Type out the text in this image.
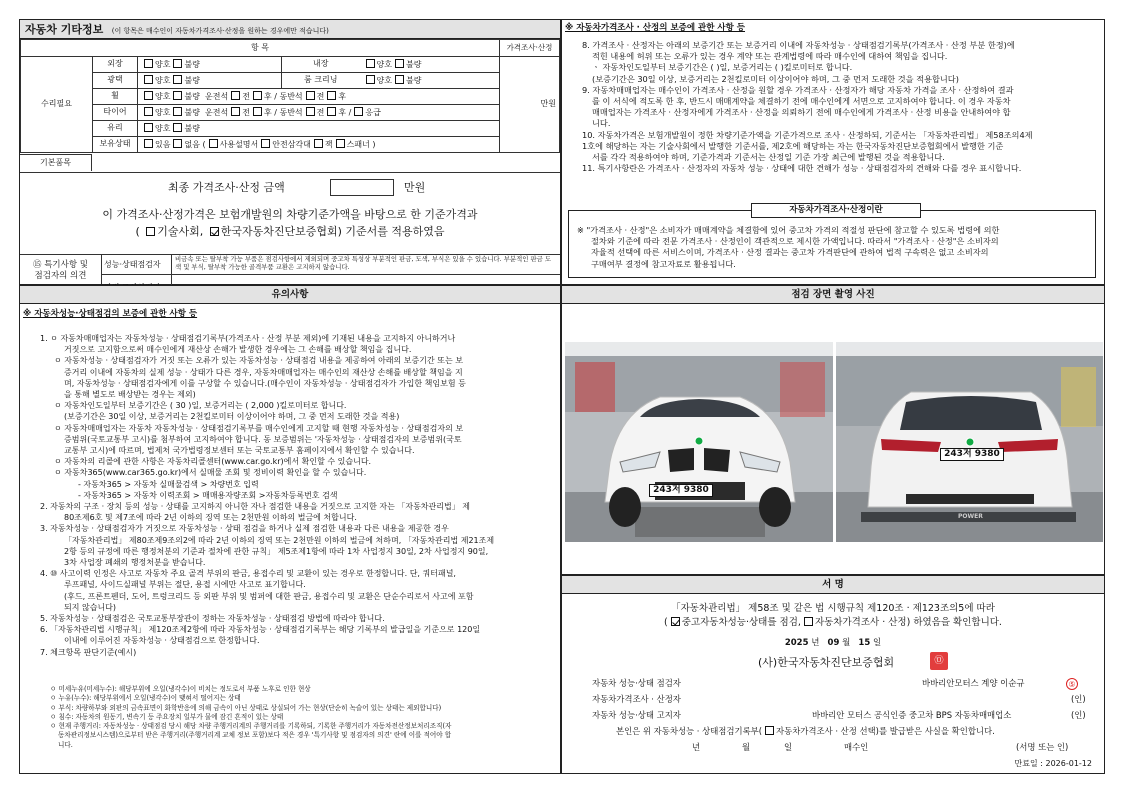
자동차 기타정보 (이 항목은 매수인이 자동차가격조사·산정을 원하는 경우에만 적습니다)
항 목					가격조사·산정
수리필요	외장	양호 불량	내장	양호 불량	만원
	광택	양호 불량	룸 크리닝	양호 불량	
	휠	양호 불량 운전석 전 후 / 동반석 전 후			
	타이어	양호 불량 운전석 전 후 / 동반석 전 후 / 응급			
	유리	양호 불량			
	보유상태	있음 없음 ( 사용설명서 안전삼각대 잭 스패너 )			
기본품목
최종 가격조사·산정 금액	만원
이 가격조사·산정가격은 보험개발원의 차량기준가액을 바탕으로 한 기준가격과
( 기술사회, 한국자동차진단보증협회) 기준서를 적용하였음
⑮ 특기사항 및
점검자의 의견
성능·상태점검자
비금속 또는 탈부착 가능 부품은 점검사항에서 제외되며 중고차 특성상 부분적인 판금, 도색, 부식은 있을 수 있습니다. 부분적인 판금 도색 및 부식, 탈부착 가능한 골격부품 교환은 고지하지 않습니다.
※ 자동차가격조사 · 산정의 보증에 관한 사항 등
8. 가격조사 · 산정자는 아래의 보증기간 또는 보증거리 이내에 자동차성능 · 상태점검기록부(가격조사 · 산정 부분 한정)에
적힌 내용에 허위 또는 오류가 있는 경우 계약 또는 관계법령에 따라 매수인에 대하여 책임을 집니다.
ㆍ 자동차인도일부터 보증기간은 ( )일, 보증거리는 ( )킬로미터로 합니다.
(보증기간은 30일 이상, 보증거리는 2천킬로미터 이상이어야 하며, 그 중 먼저 도래한 것을 적용합니다)
9. 자동차매매업자는 매수인이 가격조사 · 산정을 원할 경우 가격조사 · 산정자가 해당 자동차 가격을 조사 · 산정하여 결과
를 이 서식에 적도록 한 후, 반드시 매매계약을 체결하기 전에 매수인에게 서면으로 고지하여야 합니다. 이 경우 자동차
매매업자는 가격조사 · 산정자에게 가격조사 · 산정을 의뢰하기 전에 매수인에게 가격조사 · 산정 비용을 안내하여야 합
니다.
10. 자동차가격은 보험개발원이 정한 차량기준가액을 기준가격으로 조사 · 산정하되, 기준서는 「자동차관리법」 제58조의4제
1호에 해당하는 자는 기술사회에서 발행한 기준서를, 제2호에 해당하는 자는 한국자동차진단보증협회에서 발행한 기준
서를 각각 적용하여야 하며, 기준가격과 기준서는 산정일 기준 가장 최근에 발행된 것을 적용합니다.
11. 특기사항란은 가격조사 · 산정자의 자동차 성능 · 상태에 대한 견해가 성능 · 상태점검자의 견해와 다를 경우 표시합니다.
자동차가격조사·산정이란
※ "가격조사 · 산정"은 소비자가 매매계약을 체결함에 있어 중고차 가격의 적절성 판단에 참고할 수 있도록 법령에 의한
절차와 기준에 따라 전문 가격조사 · 산정인이 객관적으로 제시한 가액입니다. 따라서 "가격조사 · 산정"은 소비자의
자율적 선택에 따른 서비스이며, 가격조사 · 산정 결과는 중고차 가격판단에 관하여 법적 구속력은 없고 소비자의
구매여부 결정에 참고자료로 활용됩니다.
유의사항
※ 자동차성능·상태점검의 보증에 관한 사항 등
1. ㅇ 자동차매매업자는 자동차성능 · 상태점검기록부(가격조사 · 산정 부분 제외)에 기재된 내용을 고지하지 아니하거나
거짓으로 고지함으로써 매수인에게 재산상 손해가 발생한 경우에는 그 손해를 배상할 책임을 집니다.
ㅇ 자동차성능 · 상태점검자가 거짓 또는 오류가 있는 자동차성능 · 상태점검 내용을 제공하여 아래의 보증기간 또는 보
증거리 이내에 자동차의 실제 성능 · 상태가 다른 경우, 자동차매매업자는 매수인의 재산상 손해를 배상할 책임을 지
며, 자동차성능 · 상태점검자에게 이를 구상할 수 있습니다.(매수인이 자동차성능 · 상태점검자가 가입한 책임보험 등
을 통해 별도로 배상받는 경우는 제외)
ㅇ 자동차인도일부터 보증기간은 ( 30 )일, 보증거리는 ( 2,000 )킬로미터로 합니다.
(보증기간은 30일 이상, 보증거리는 2천킬로미터 이상이어야 하며, 그 중 먼저 도래한 것을 적용)
ㅇ 자동차매매업자는 자동차 자동차성능 · 상태점검기록부를 매수인에게 고지할 때 현행 자동차성능 · 상태점검자의 보
증범위(국토교통부 고시)를 첨부하여 고지하여야 합니다. 동 보증범위는 '자동차성능 · 상태점검자의 보증범위(국토
교통부 고시)에 따르며, 법제처 국가법령정보센터 또는 국토교통부 홈페이지에서 확인할 수 있습니다.
ㅇ 자동차의 리콜에 관한 사항은 자동차리콜센터(www.car.go.kr)에서 확인할 수 있습니다.
ㅇ 자동차365(www.car365.go.kr)에서 실매물 조회 및 정비이력 확인을 할 수 있습니다.
- 자동차365 > 자동차 실매물검색 > 차량번호 입력
- 자동차365 > 자동차 이력조회 > 매매용자량조회 >자동차등록번호 검색
2. 자동차의 구조 · 장치 등의 성능 · 상태를 고지하지 아니한 자나 점검한 내용을 거짓으로 고지한 자는 「자동차관리법」 제
80조제6호 및 제7조에 따라 2년 이하의 징역 또는 2천만원 이하의 벌금에 처합니다.
3. 자동차성능 · 상태점검자가 거짓으로 자동차성능 · 상태 점검을 하거나 실제 점검한 내용과 다른 내용을 제공한 경우
「자동차관리법」 제80조제9조의2에 따라 2년 이하의 징역 또는 2천만원 이하의 벌금에 처하며, 「자동차관리법 제21조제
2항 등의 규정에 따른 행정처분의 기준과 절차에 관한 규칙」 제5조제1항에 따라 1차 사업정지 30일, 2차 사업정지 90일,
3차 사업장 폐쇄의 행정처분을 받습니다.
4. ⑩ 사고이력 인정은 사고로 자동차 주요 골격 부위의 판금, 용접수리 및 교환이 있는 경우로 한정합니다. 단, 쿼터패널,
루프패널, 사이드실패널 부위는 절단, 용접 시에만 사고로 표기합니다.
(후드, 프론트펜더, 도어, 트렁크리드 등 외판 부위 및 범퍼에 대한 판금, 용접수리 및 교환은 단순수리로서 사고에 포함
되지 않습니다)
5. 자동차성능 · 상태점검은 국토교통부장관이 정하는 자동차성능 · 상태점검 방법에 따라야 합니다.
6. 「자동차관리법 시행규칙」 제120조제2항에 따라 자동차성능 · 상태점검기록부는 해당 기록부의 발급일을 기준으로 120일
이내에 이루어진 자동차성능 · 상태점검으로 한정합니다.
7. 체크항목 판단기준(예시)
ㅇ 미세누유(미세누수): 해당부위에 오일(냉각수)이 비치는 정도로서 부품 노후로 인한 현상
ㅇ 누유(누수): 해당부위에서 오일(냉각수)이 맺혀서 떨어지는 상태
ㅇ 부식: 차량하부와 외판의 금속표면이 화학반응에 의해 금속이 아닌 상태로 상실되어 가는 현상(단순히 녹슬어 있는 상태는 제외합니다)
ㅇ 침수: 자동차의 원동기, 변속기 등 주요장치 일부가 물에 잠긴 흔적이 있는 상태
ㅇ 현재 주행거리: 자동차성능 · 상태점검 당시 해당 차량 주행거리계의 주행거리를 기록하되, 기록한 주행거리가 자동차전산정보처리조직(자
동차관리정보시스템)으로부터 받은 주행거리(주행거리계 교체 정보 포함)보다 적은 경우 '특기사항 및 점검자의 의견' 란에 이를 적어야 합
니다.
점검 장면 촬영 사진
243저 9380
243저 9380
POWER
서 명
「자동차관리법」 제58조 및 같은 법 시행규칙 제120조 · 제123조의5에 따라
( 중고자동차성능·상태를 점검, 자동차가격조사 · 산정) 하였음을 확인합니다.
2025 년 09 월 15 일
(사)한국자동차진단보증협회	㉤
자동차 성능·상태 점검자	바바리안모터스 계양 이순규	⑤
자동차가격조사 · 산정자	(인)
자동차 성능·상태 고지자	바바리안 모터스 공식인증 중고차 BPS 자동차매매업소	(인)
본인은 위 자동차성능 · 상태점검기록부( 자동차가격조사 · 산정 선택)를 발급받은 사실을 확인합니다.
년	월	일	매수인	(서명 또는 인)
만료일 : 2026-01-12
